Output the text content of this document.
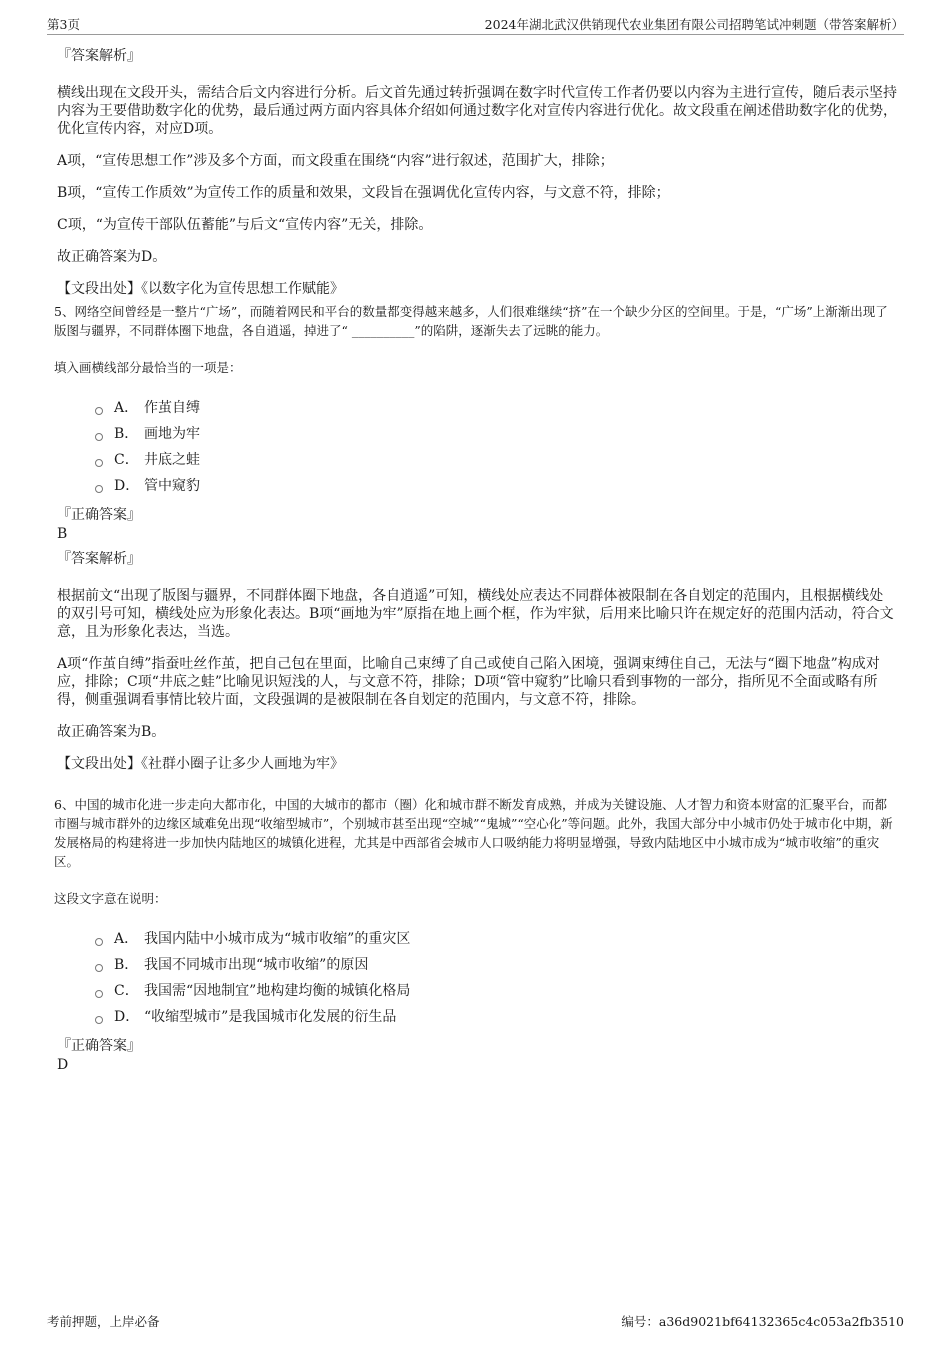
第3页	2024年湖北武汉供销现代农业集团有限公司招聘笔试冲刺题（带答案解析）
『答案解析』

横线出现在文段开头，需结合后文内容进行分析。后文首先通过转折强调在数字时代宣传工作者仍要以内容为主进行宣传，随后表示坚持内容为王要借助数字化的优势，最后通过两方面内容具体介绍如何通过数字化对宣传内容进行优化。故文段重在阐述借助数字化的优势，优化宣传内容，对应D项。

A项，“宣传思想工作”涉及多个方面，而文段重在围绕“内容”进行叙述，范围扩大，排除；

B项，“宣传工作质效”为宣传工作的质量和效果，文段旨在强调优化宣传内容，与文意不符，排除；

C项，“为宣传干部队伍蓄能”与后文“宣传内容”无关，排除。

故正确答案为D。

【文段出处】《以数字化为宣传思想工作赋能》

5、网络空间曾经是一整片“广场”，而随着网民和平台的数量都变得越来越多，人们很难继续“挤”在一个缺少分区的空间里。于是，“广场”上渐渐出现了版图与疆界，不同群体圈下地盘，各自逍遥，掉进了“ __________”的陷阱，逐渐失去了远眺的能力。

填入画横线部分最恰当的一项是：

A． 作茧自缚
B． 画地为牢
C． 井底之蛙
D． 管中窥豹
『正确答案』
B
『答案解析』

根据前文“出现了版图与疆界，不同群体圈下地盘，各自逍遥”可知，横线处应表达不同群体被限制在各自划定的范围内，且根据横线处的双引号可知，横线处应为形象化表达。B项“画地为牢”原指在地上画个框，作为牢狱，后用来比喻只许在规定好的范围内活动，符合文意，且为形象化表达，当选。

A项“作茧自缚”指蚕吐丝作茧，把自己包在里面，比喻自己束缚了自己或使自己陷入困境，强调束缚住自己，无法与“圈下地盘”构成对应，排除；C项“井底之蛙”比喻见识短浅的人，与文意不符，排除；D项“管中窥豹”比喻只看到事物的一部分，指所见不全面或略有所得，侧重强调看事情比较片面，文段强调的是被限制在各自划定的范围内，与文意不符，排除。

故正确答案为B。

【文段出处】《社群小圈子让多少人画地为牢》

6、中国的城市化进一步走向大都市化，中国的大城市的都市（圈）化和城市群不断发育成熟，并成为关键设施、人才智力和资本财富的汇聚平台，而都市圈与城市群外的边缘区域难免出现“收缩型城市”，个别城市甚至出现“空城”“鬼城”“空心化”等问题。此外，我国大部分中小城市仍处于城市化中期，新发展格局的构建将进一步加快内陆地区的城镇化进程，尤其是中西部省会城市人口吸纳能力将明显增强，导致内陆地区中小城市成为“城市收缩”的重灾区。

这段文字意在说明：

A． 我国内陆中小城市成为“城市收缩”的重灾区
B． 我国不同城市出现“城市收缩”的原因
C． 我国需“因地制宜”地构建均衡的城镇化格局
D． “收缩型城市”是我国城市化发展的衍生品
『正确答案』
D
考前押题，上岸必备	编号：a36d9021bf64132365c4c053a2fb3510
